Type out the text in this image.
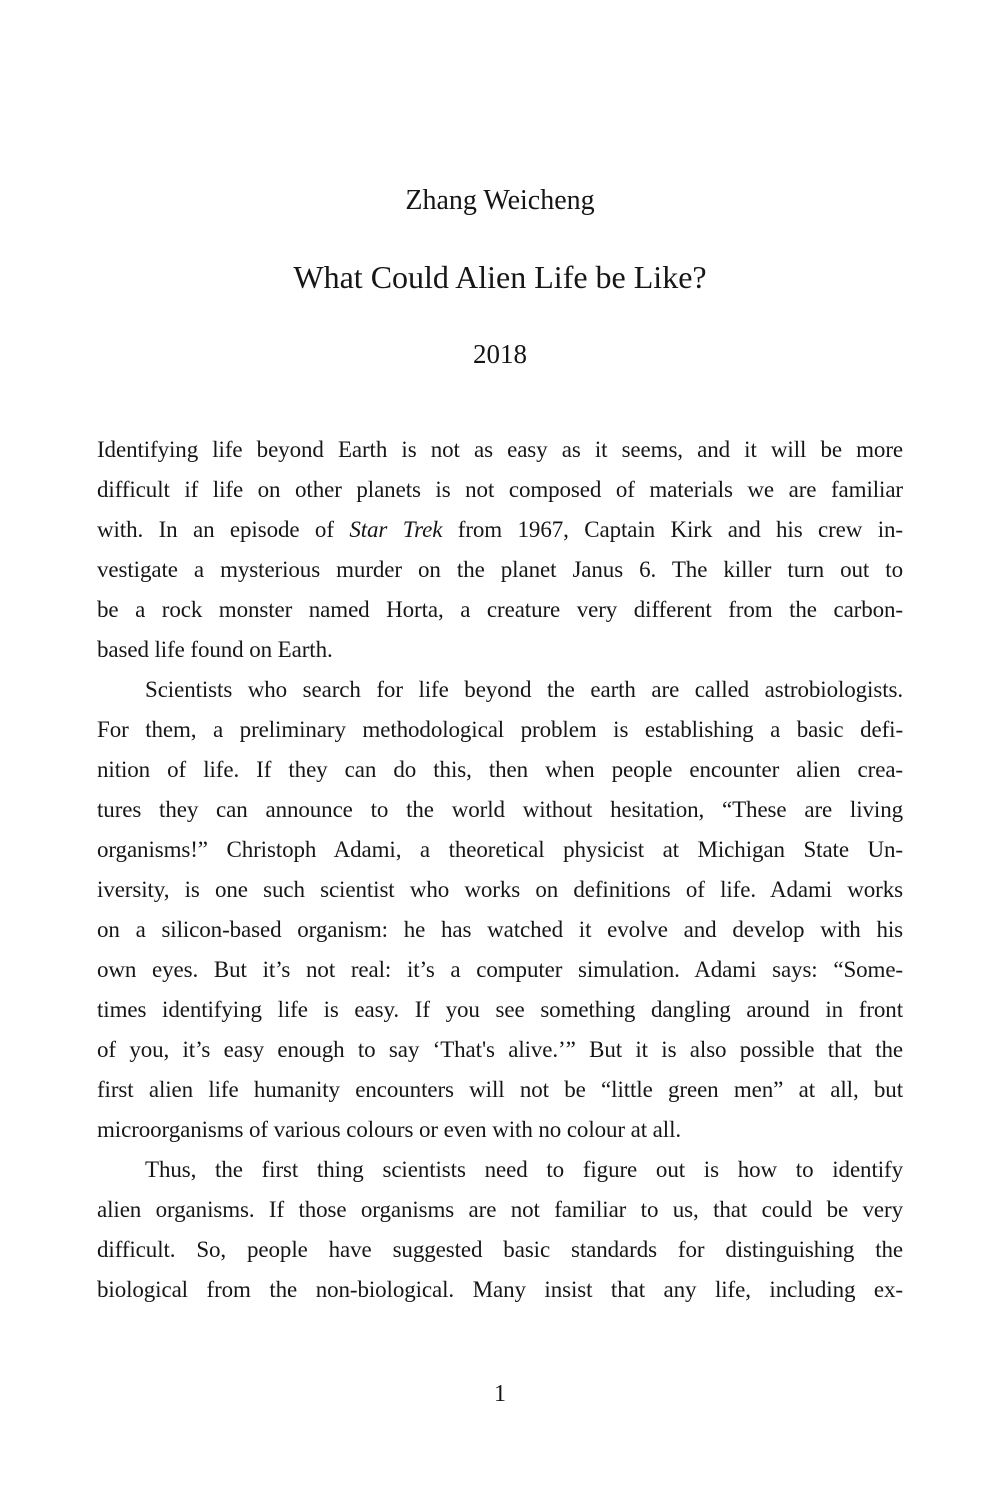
Zhang Weicheng
What Could Alien Life be Like?
2018
Identifying life beyond Earth is not as easy as it seems, and it will be more
difficult if life on other planets is not composed of materials we are familiar
with. In an episode of Star Trek from 1967, Captain Kirk and his crew in-
vestigate a mysterious murder on the planet Janus 6. The killer turn out to
be a rock monster named Horta, a creature very different from the carbon-
based life found on Earth.
Scientists who search for life beyond the earth are called astrobiologists.
For them, a preliminary methodological problem is establishing a basic defi-
nition of life. If they can do this, then when people encounter alien crea-
tures they can announce to the world without hesitation, “These are living
organisms!” Christoph Adami, a theoretical physicist at Michigan State Un-
iversity, is one such scientist who works on definitions of life. Adami works
on a silicon-based organism: he has watched it evolve and develop with his
own eyes. But it’s not real: it’s a computer simulation. Adami says: “Some-
times identifying life is easy. If you see something dangling around in front
of you, it’s easy enough to say ‘That's alive.’” But it is also possible that the
first alien life humanity encounters will not be “little green men” at all, but
microorganisms of various colours or even with no colour at all.
Thus, the first thing scientists need to figure out is how to identify
alien organisms. If those organisms are not familiar to us, that could be very
difficult. So, people have suggested basic standards for distinguishing the
biological from the non-biological. Many insist that any life, including ex-
1
